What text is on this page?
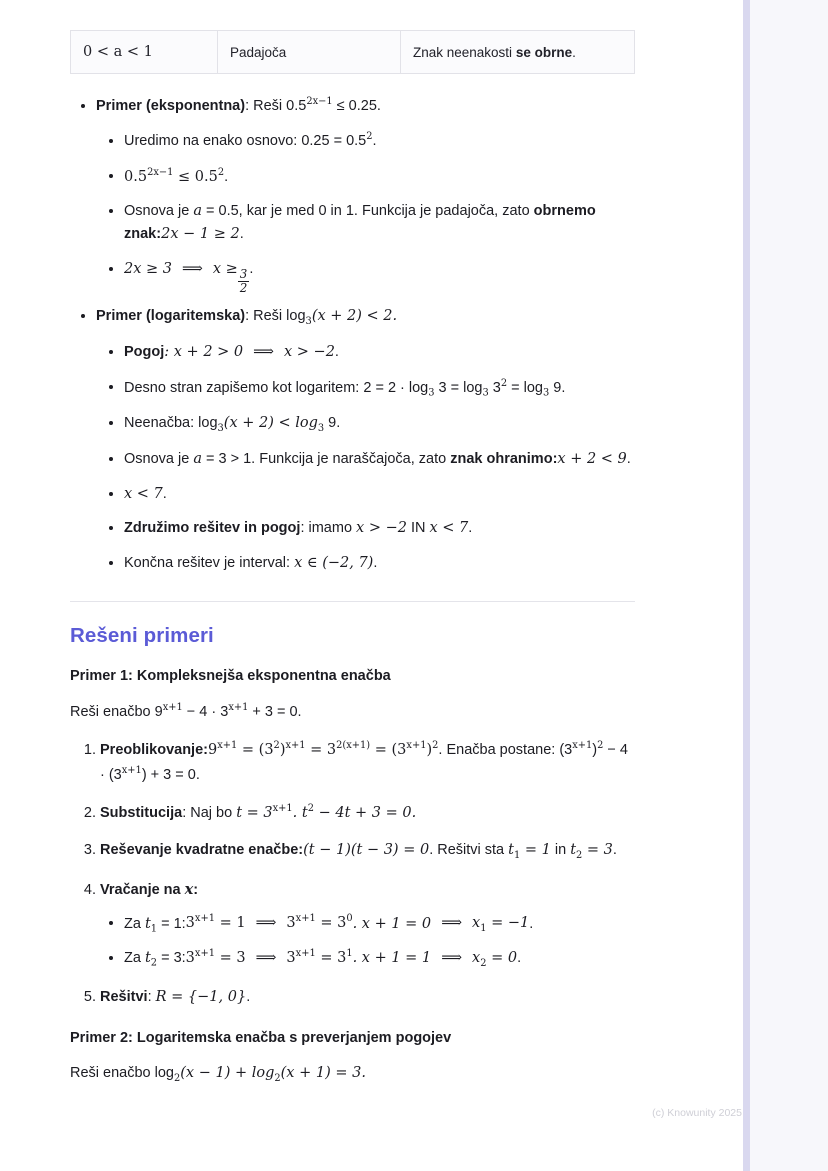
0 < a < 1	Padajoča	Znak neenakosti se obrne.
• Primer (eksponentna): Reši $0.5^{2x-1} \le 0.25$.
• Uredimo na enako osnovo: $0.25 = 0.5^2$.
• $0.5^{2x-1} \le 0.5^2$.
• Osnova je a = 0.5, kar je med 0 in 1. Funkcija je padajoča, zato obrnemo znak:2x − 1 ≥ 2.
• 2x ≥ 3 ⟹ $x \ge \frac{3}{2}$ .
• Primer (logaritemska): Reši $\log_3(x + 2) < 2$.
• Pogoj: x + 2 > 0 ⟹ x > −2.
• Desno stran zapišemo kot logaritem: $2 = 2 \cdot \log_3 3 = \log_3 3^2 = \log_3 9$.
• Neenačba: $\log_3(x + 2) < \log_3 9$.
• Osnova je a = 3 > 1. Funkcija je naraščajoča, zato znak ohranimo:x + 2 < 9.
• x < 7.
• Združimo rešitev in pogoj: imamo x > −2 IN x < 7.
• Končna rešitev je interval: x ∈ (−2, 7).
Rešeni primeri
Primer 1: Kompleksnejša eksponentna enačba

Reši enačbo $9^{x+1} - 4 \cdot 3^{x+1} + 3 = 0$.

1. $Preoblikovanje:9^{x+1} = (3^2)^{x+1} = 3^{2(x+1)} = (3^{x+1})^2$. Enačba postane: $(3^{x+1})^2 - 4 \cdot (3^{x+1}) + 3 = 0$.
2. Substitucija: Naj bo $t = 3^{x+1}$. $t^2 - 4t + 3 = 0$.
3. Reševanje kvadratne enačbe:(t − 1)(t − 3) = 0. Rešitvi sta $t_1 = 1$ in $t_2 = 3$.
4. Vračanje na x:
• Za $t_1$ = $1:3^{x+1} = 1$ ⟹ $3^{x+1} = 3^0$. x + 1 = 0 ⟹ $x_1 = -1$.
• Za $t_2$ = $3:3^{x+1} = 3$ ⟹ $3^{x+1} = 3^1$. x + 1 = 1 ⟹ $x_2 = 0$.
5. Rešitvi: R = {−1, 0}.
Primer 2: Logaritemska enačba s preverjanjem pogojev

Reši enačbo $\log_2(x - 1) + \log_2(x + 1) = 3$.

(c) Knowunity 2025
